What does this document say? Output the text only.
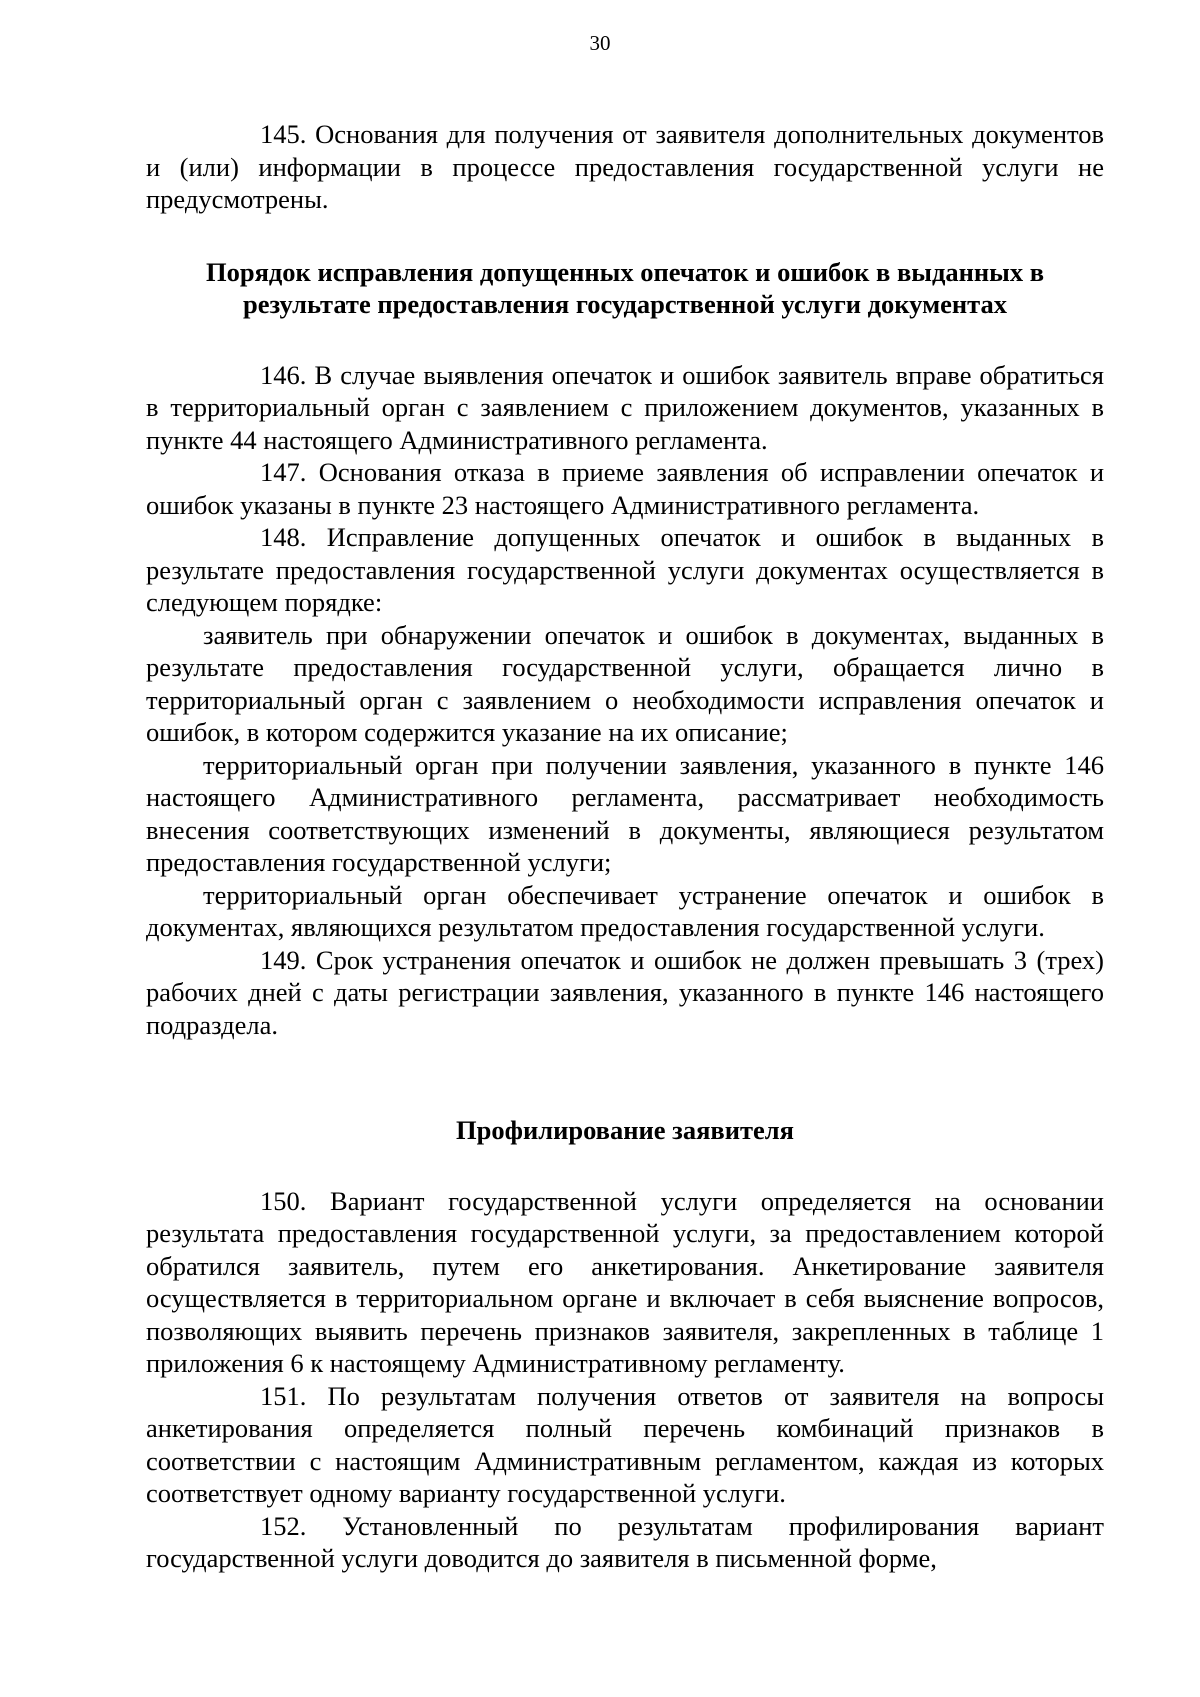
30

145. Основания для получения от заявителя дополнительных документов и (или) информации в процессе предоставления государственной услуги не предусмотрены.

Порядок исправления допущенных опечаток и ошибок в выданных в результате предоставления государственной услуги документах

146. В случае выявления опечаток и ошибок заявитель вправе обратиться в территориальный орган с заявлением с приложением документов, указанных в пункте 44 настоящего Административного регламента.

147. Основания отказа в приеме заявления об исправлении опечаток и ошибок указаны в пункте 23 настоящего Административного регламента.

148. Исправление допущенных опечаток и ошибок в выданных в результате предоставления государственной услуги документах осуществляется в следующем порядке:

заявитель при обнаружении опечаток и ошибок в документах, выданных в результате предоставления государственной услуги, обращается лично в территориальный орган с заявлением о необходимости исправления опечаток и ошибок, в котором содержится указание на их описание;

территориальный орган при получении заявления, указанного в пункте 146 настоящего Административного регламента, рассматривает необходимость внесения соответствующих изменений в документы, являющиеся результатом предоставления государственной услуги;

территориальный орган обеспечивает устранение опечаток и ошибок в документах, являющихся результатом предоставления государственной услуги.

149. Срок устранения опечаток и ошибок не должен превышать 3 (трех) рабочих дней с даты регистрации заявления, указанного в пункте 146 настоящего подраздела.

Профилирование заявителя

150. Вариант государственной услуги определяется на основании результата предоставления государственной услуги, за предоставлением которой обратился заявитель, путем его анкетирования. Анкетирование заявителя осуществляется в территориальном органе и включает в себя выяснение вопросов, позволяющих выявить перечень признаков заявителя, закрепленных в таблице 1 приложения 6 к настоящему Административному регламенту.

151. По результатам получения ответов от заявителя на вопросы анкетирования определяется полный перечень комбинаций признаков в соответствии с настоящим Административным регламентом, каждая из которых соответствует одному варианту государственной услуги.

152. Установленный по результатам профилирования вариант государственной услуги доводится до заявителя в письменной форме,
